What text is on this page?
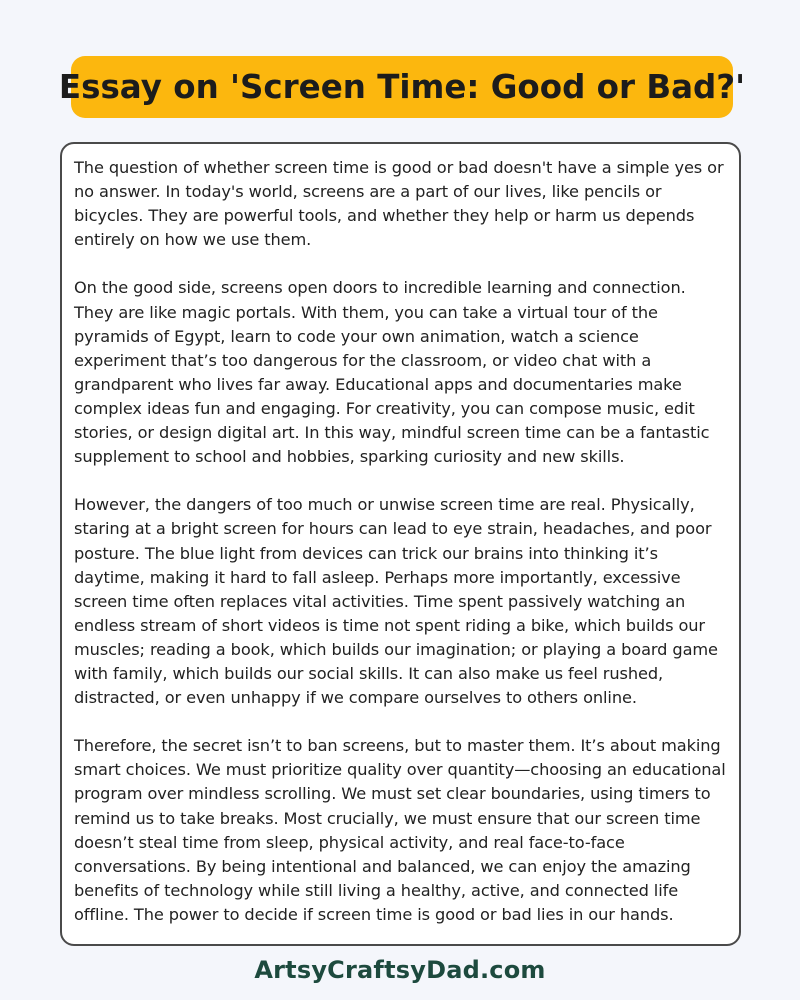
Essay on 'Screen Time: Good or Bad?'

The question of whether screen time is good or bad doesn't have a simple yes or no answer. In today's world, screens are a part of our lives, like pencils or bicycles. They are powerful tools, and whether they help or harm us depends entirely on how we use them.

On the good side, screens open doors to incredible learning and connection. They are like magic portals. With them, you can take a virtual tour of the pyramids of Egypt, learn to code your own animation, watch a science experiment that’s too dangerous for the classroom, or video chat with a grandparent who lives far away. Educational apps and documentaries make complex ideas fun and engaging. For creativity, you can compose music, edit stories, or design digital art. In this way, mindful screen time can be a fantastic supplement to school and hobbies, sparking curiosity and new skills.

However, the dangers of too much or unwise screen time are real. Physically, staring at a bright screen for hours can lead to eye strain, headaches, and poor posture. The blue light from devices can trick our brains into thinking it’s daytime, making it hard to fall asleep. Perhaps more importantly, excessive screen time often replaces vital activities. Time spent passively watching an endless stream of short videos is time not spent riding a bike, which builds our muscles; reading a book, which builds our imagination; or playing a board game with family, which builds our social skills. It can also make us feel rushed, distracted, or even unhappy if we compare ourselves to others online.

Therefore, the secret isn’t to ban screens, but to master them. It’s about making smart choices. We must prioritize quality over quantity—choosing an educational program over mindless scrolling. We must set clear boundaries, using timers to remind us to take breaks. Most crucially, we must ensure that our screen time doesn’t steal time from sleep, physical activity, and real face-to-face conversations. By being intentional and balanced, we can enjoy the amazing benefits of technology while still living a healthy, active, and connected life offline. The power to decide if screen time is good or bad lies in our hands.

ArtsyCraftsyDad.com
